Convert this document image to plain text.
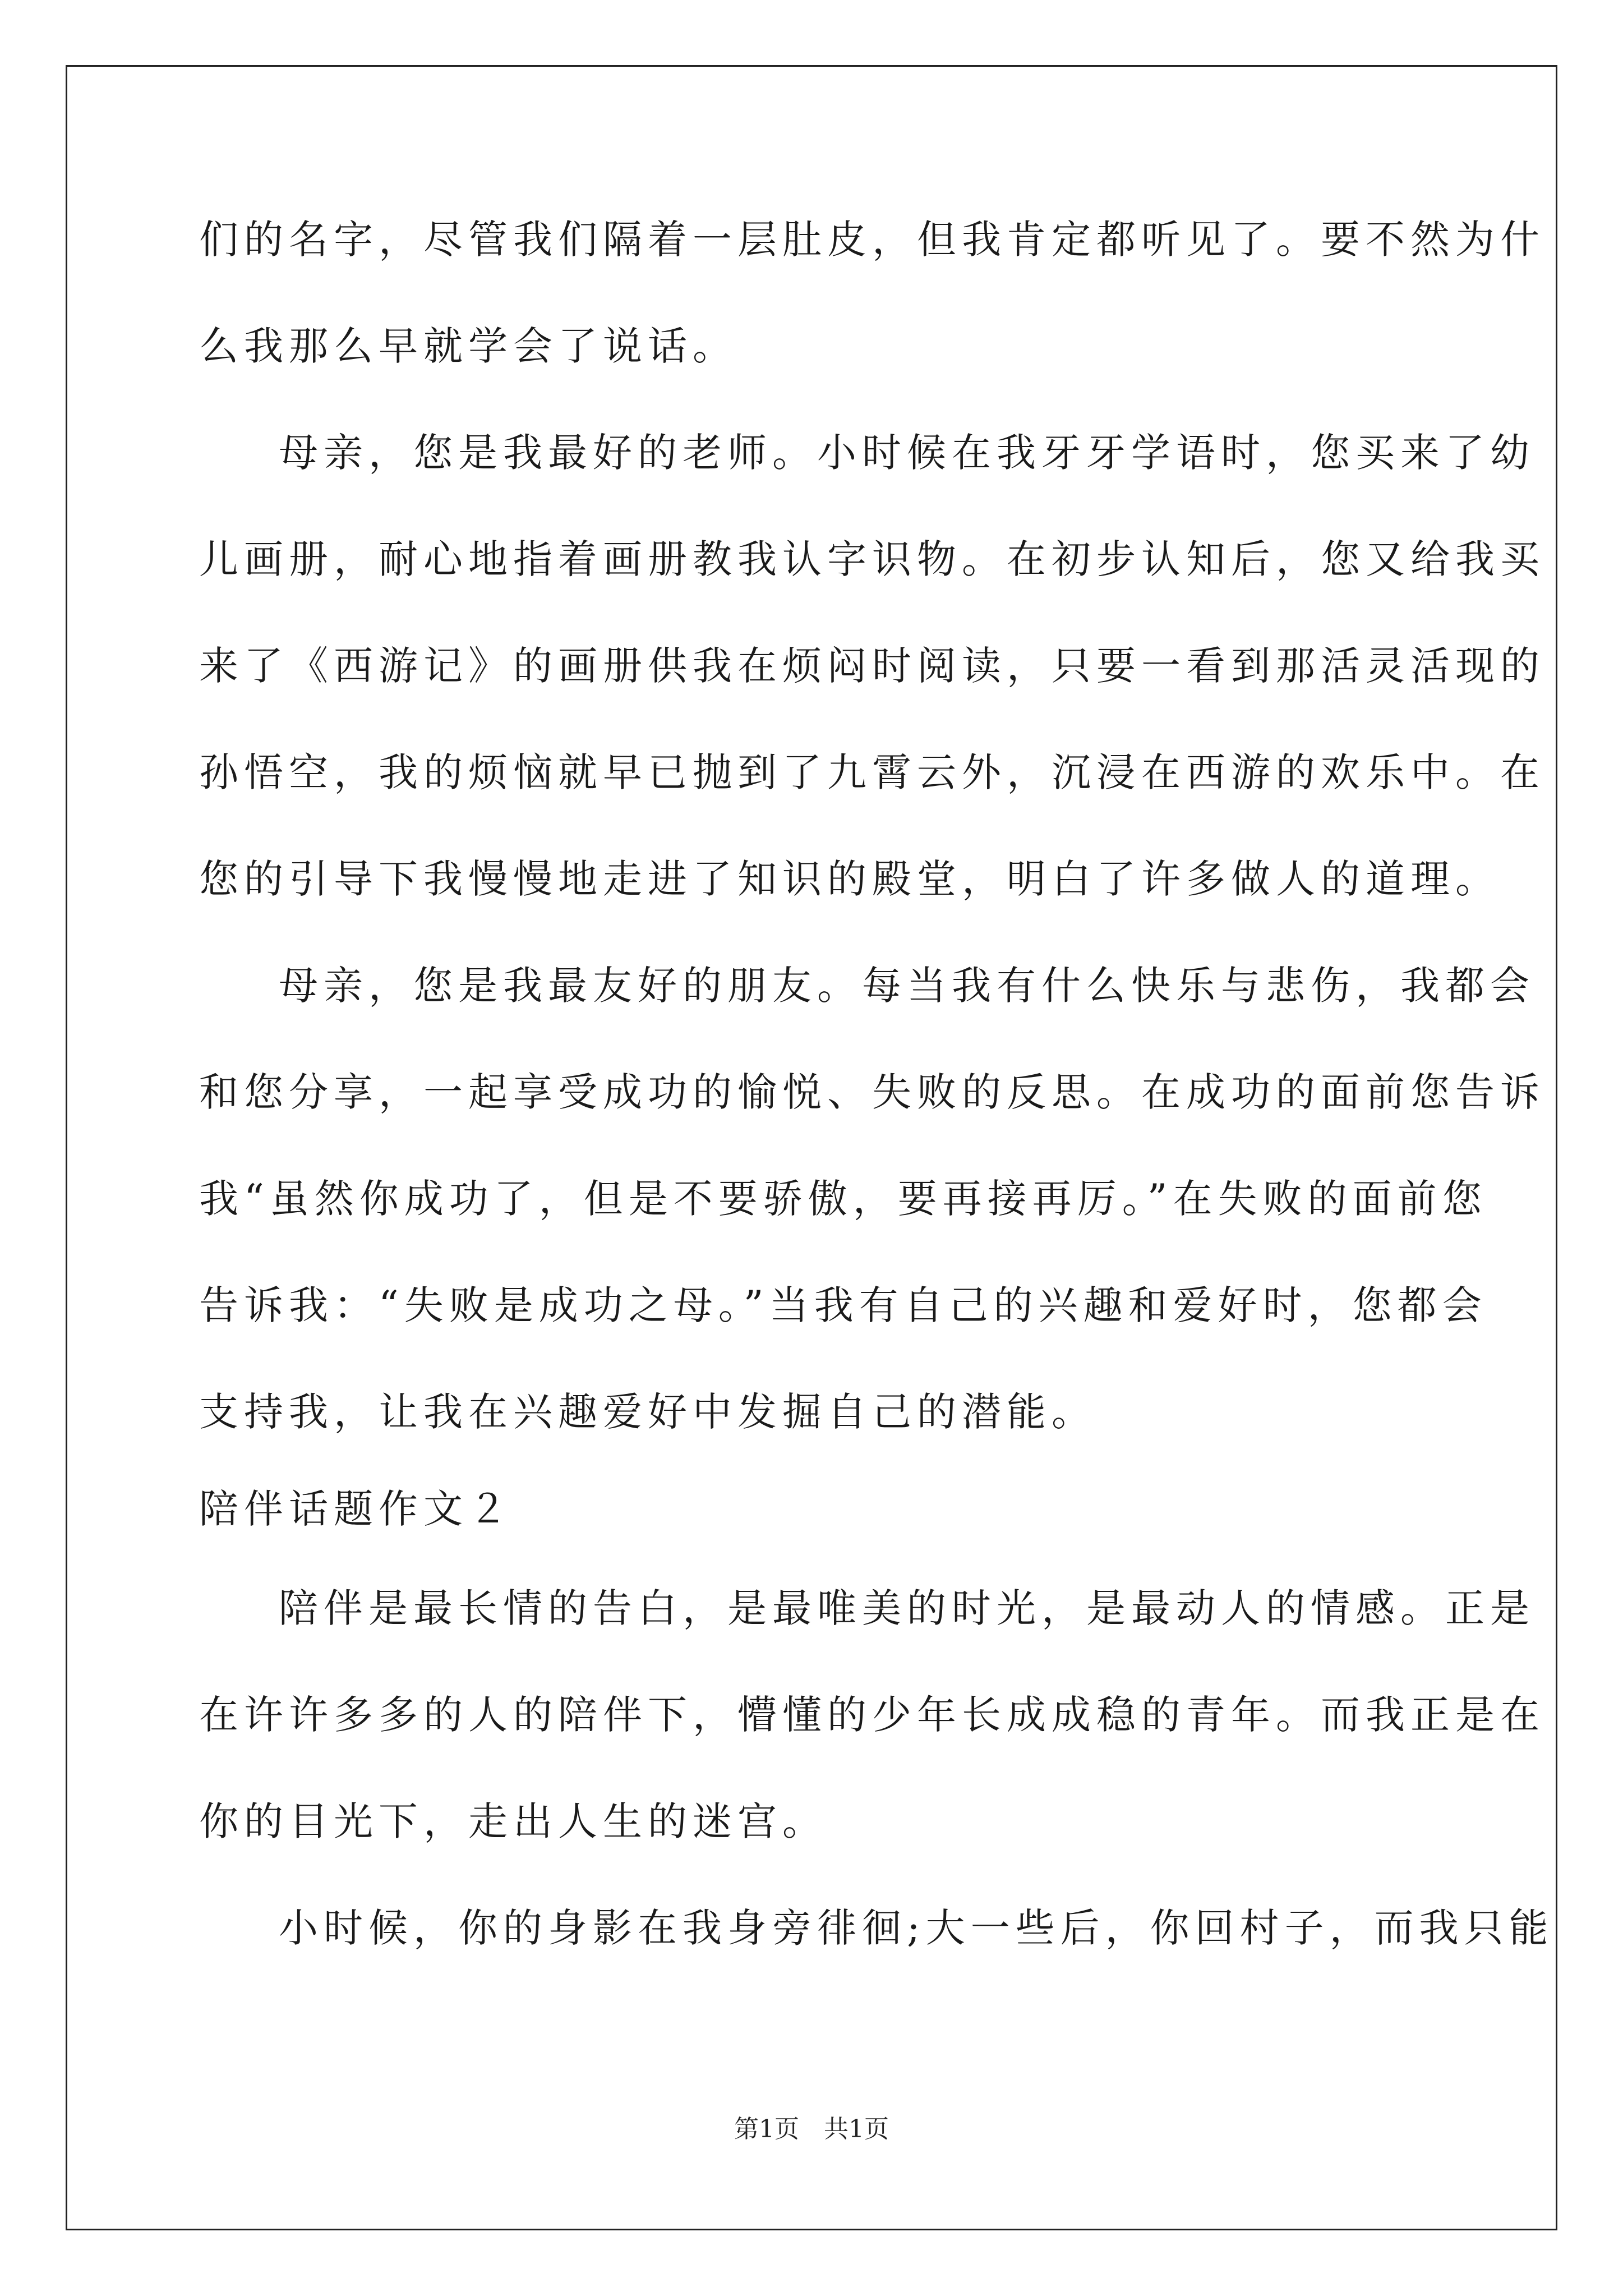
们的名字，尽管我们隔着一层肚皮，但我肯定都听见了。要不然为什
么我那么早就学会了说话。
母亲，您是我最好的老师。小时候在我牙牙学语时，您买来了幼
儿画册，耐心地指着画册教我认字识物。在初步认知后，您又给我买
来了《西游记》的画册供我在烦闷时阅读，只要一看到那活灵活现的
孙悟空，我的烦恼就早已抛到了九霄云外，沉浸在西游的欢乐中。在
您的引导下我慢慢地走进了知识的殿堂，明白了许多做人的道理。
母亲，您是我最友好的朋友。每当我有什么快乐与悲伤，我都会
和您分享，一起享受成功的愉悦、失败的反思。在成功的面前您告诉
我“虽然你成功了，但是不要骄傲，要再接再厉。”在失败的面前您
告诉我：“失败是成功之母。”当我有自己的兴趣和爱好时，您都会
支持我，让我在兴趣爱好中发掘自己的潜能。
陪伴话题作文２
陪伴是最长情的告白，是最唯美的时光，是最动人的情感。正是
在许许多多的人的陪伴下，懵懂的少年长成成稳的青年。而我正是在
你的目光下，走出人生的迷宫。
小时候，你的身影在我身旁徘徊;大一些后，你回村子，而我只能
第1页　共1页
